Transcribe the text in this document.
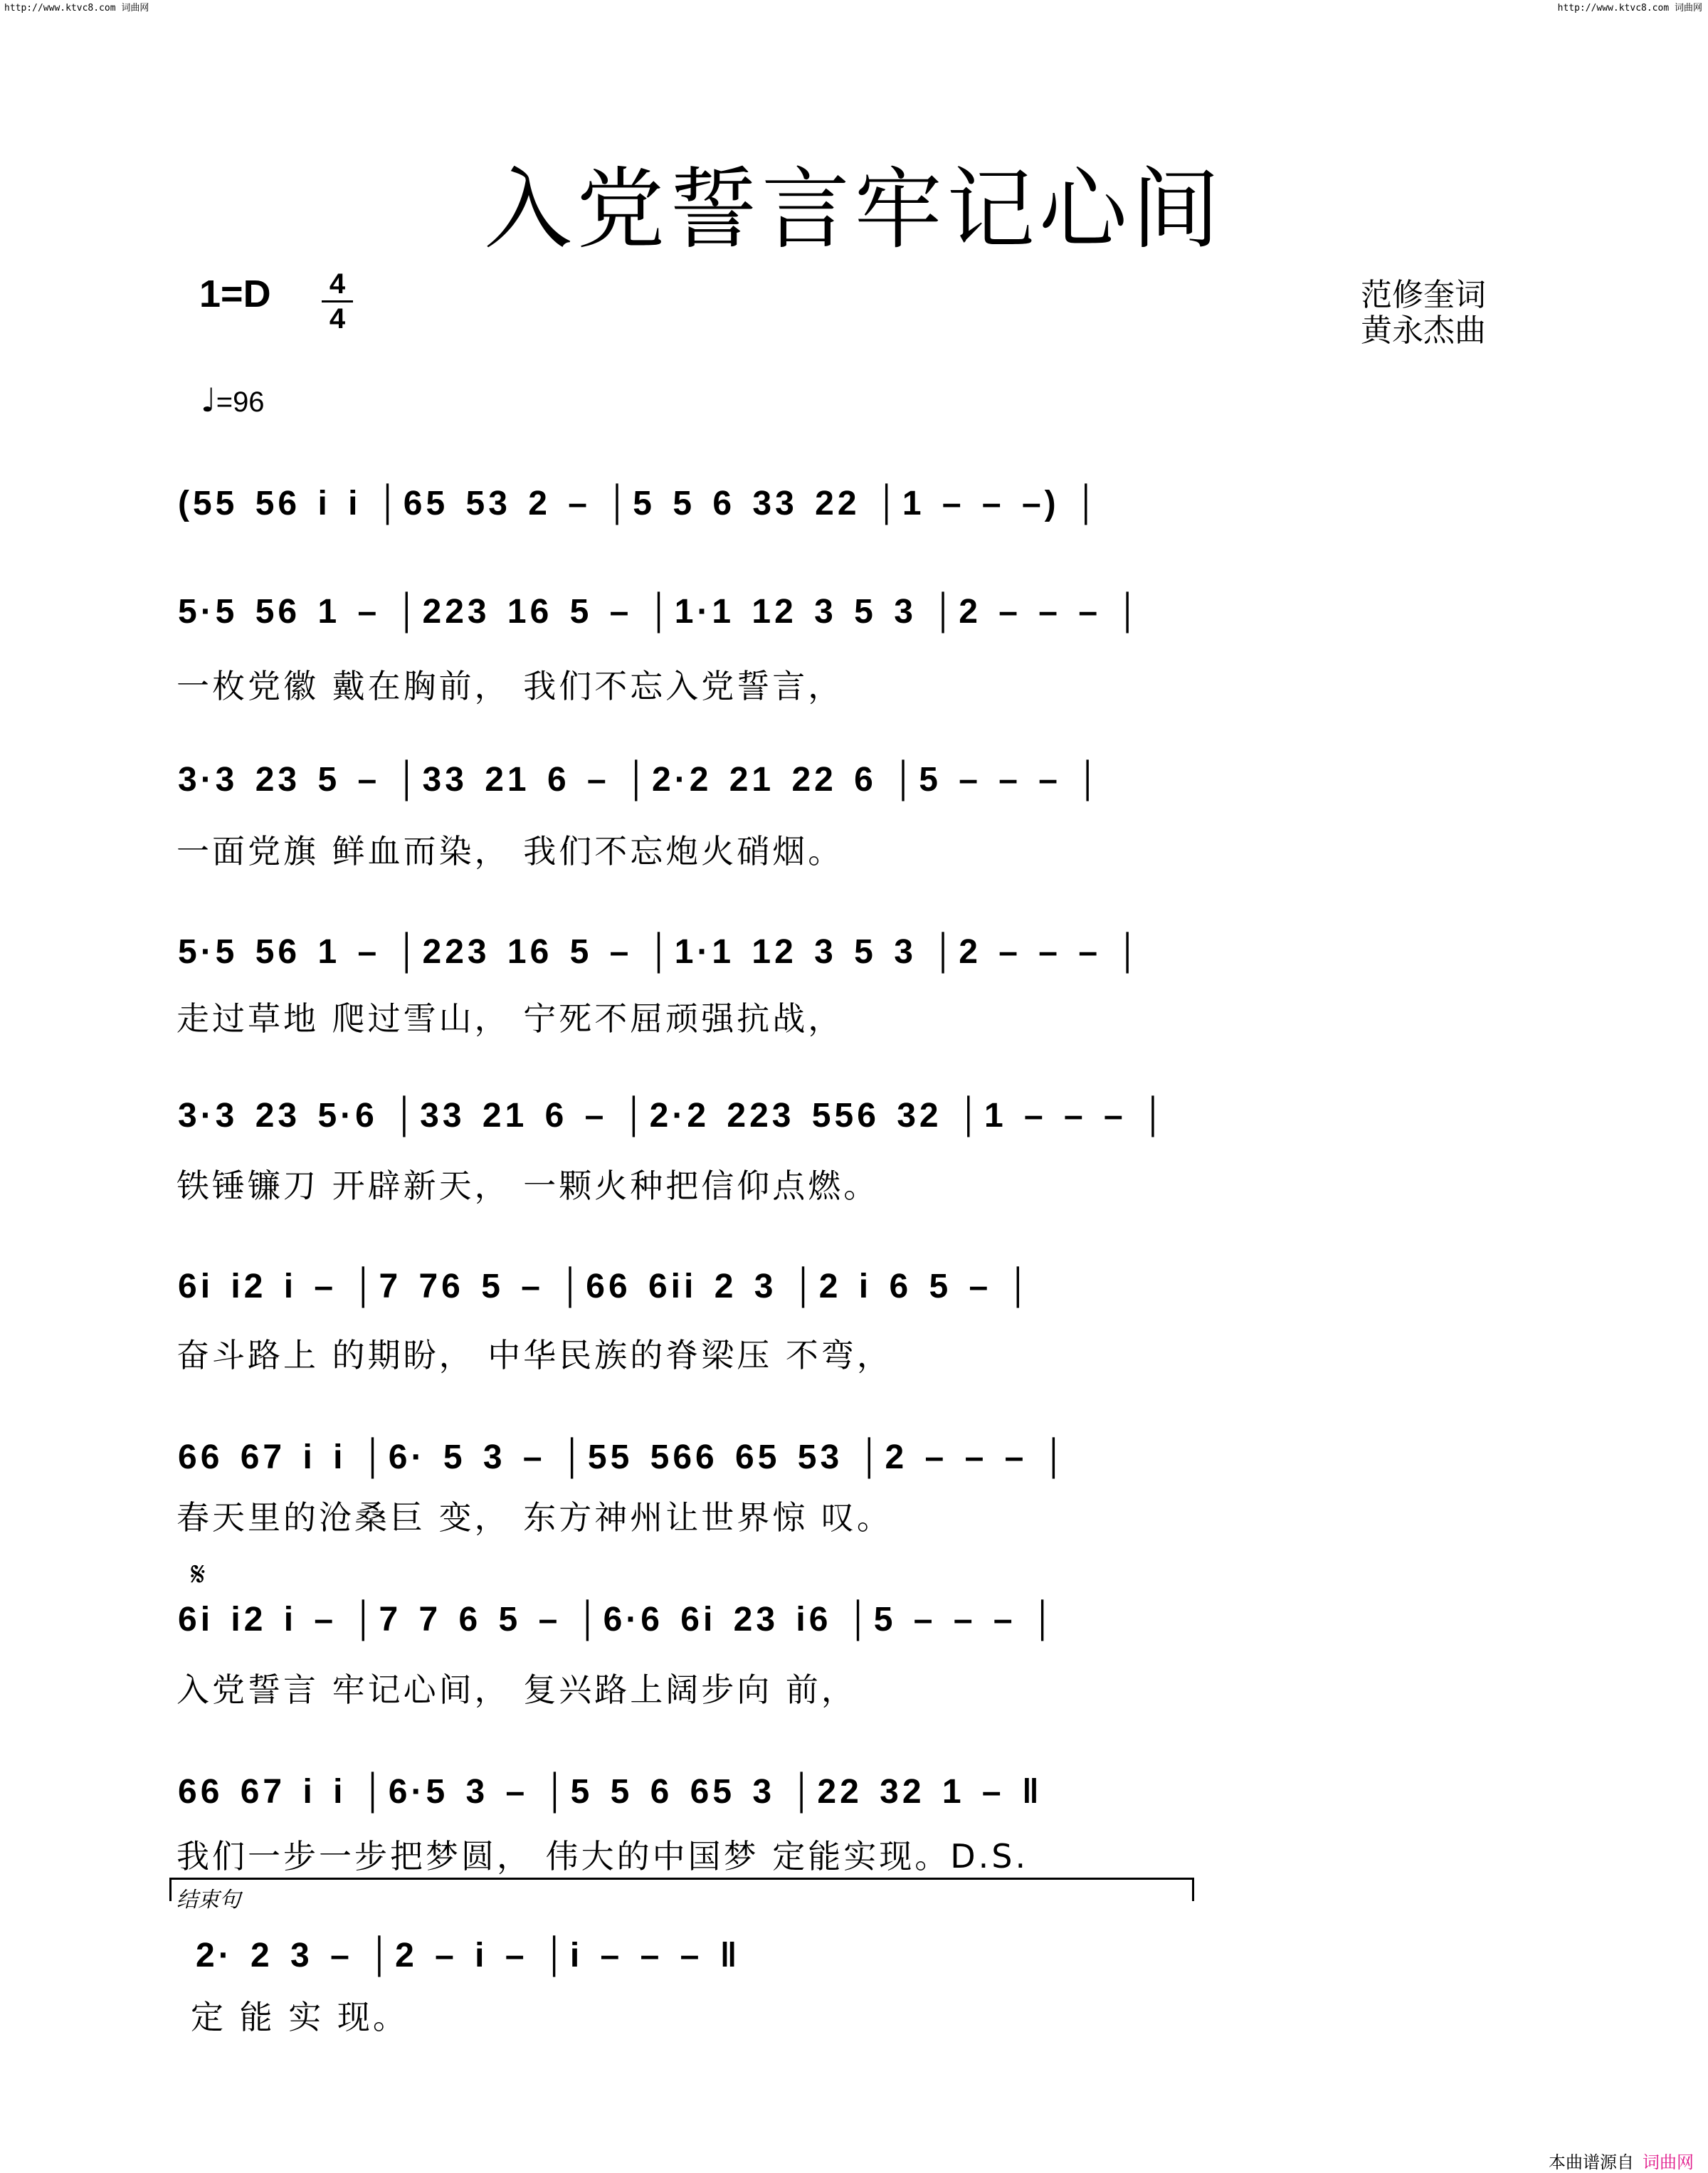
http://www.ktvc8.com 词曲网	http://www.ktvc8.com 词曲网
入党誓言牢记心间
1=D 4
4
范修奎词
黄永杰曲
♩=96
(55 56 i i │65 53 2 – │5 5 6 33 22 │1 – – –) │
5·5 56 1 – │223 16 5 – │1·1 12 3 5 3 │2 – – – │
一枚党徽 戴在胸前， 我们不忘入党誓言，
3·3 23 5 – │33 21 6 – │2·2 21 22 6 │5 – – – │
一面党旗 鲜血而染， 我们不忘炮火硝烟。
5·5 56 1 – │223 16 5 – │1·1 12 3 5 3 │2 – – – │
走过草地 爬过雪山， 宁死不屈顽强抗战，
3·3 23 5·6 │33 21 6 – │2·2 223 556 32 │1 – – – │
铁锤镰刀 开辟新天， 一颗火种把信仰点燃。
6i i2 i – │7 76 5 – │66 6ii 2 3 │2 i 6 5 – │
奋斗路上 的期盼， 中华民族的脊梁压 不弯，
66 67 i i │6· 5 3 – │55 566 65 53 │2 – – – │
春天里的沧桑巨 变， 东方神州让世界惊 叹。
𝄋
6i i2 i – │7 7 6 5 – │6·6 6i 23 i6 │5 – – – │
入党誓言 牢记心间， 复兴路上阔步向 前，
66 67 i i │6·5 3 – │5 5 6 65 3 │22 32 1 – ‖
我们一步一步把梦圆， 伟大的中国梦 定能实现。D.S.
结束句
2· 2 3 – │2 – i – │i – – – ‖
定 能 实 现。
本曲谱源自 词曲网
